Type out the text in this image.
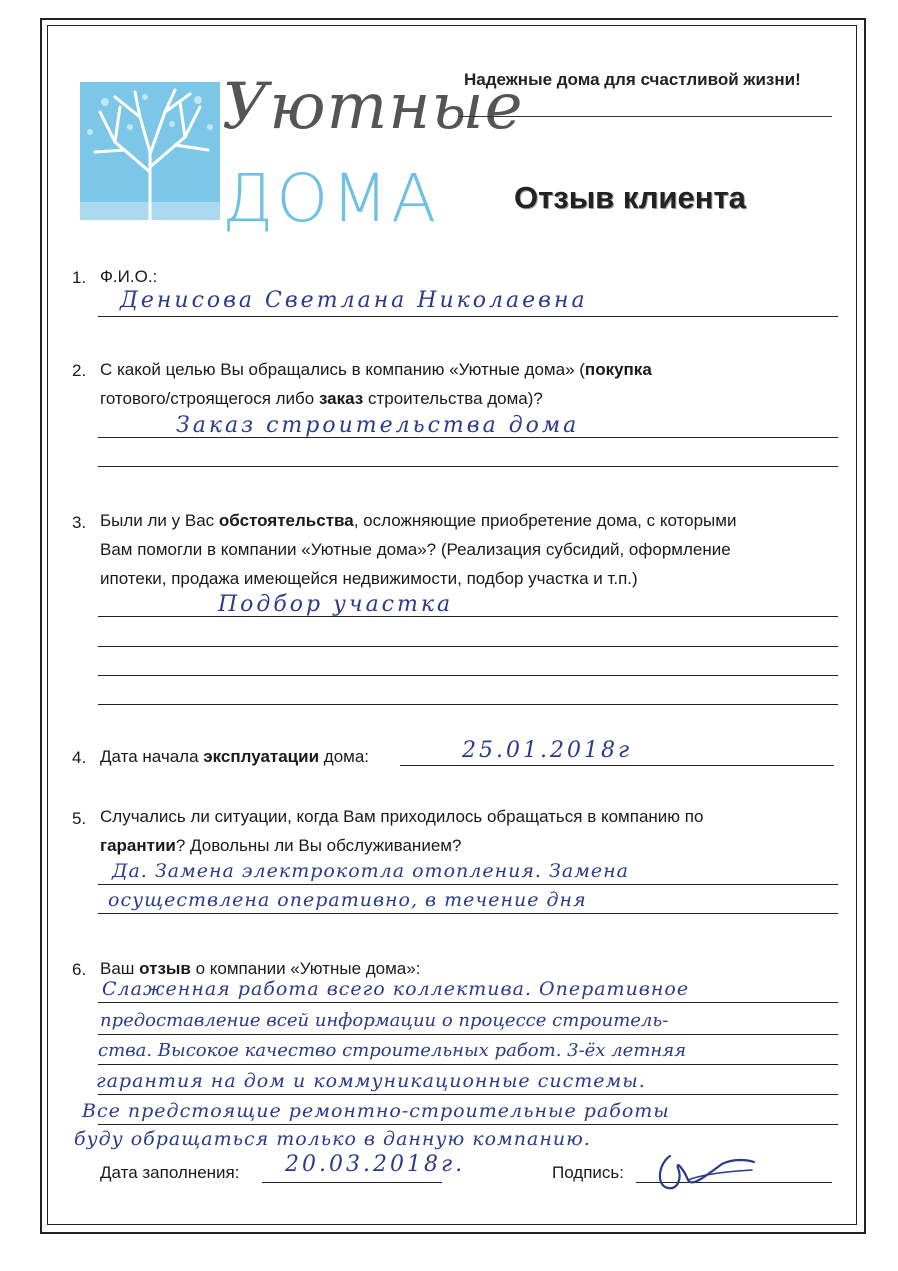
Уютные
ДОМА
Надежные дома для счастливой жизни!
Отзыв клиента
1. Ф.И.О.:
Денисова Светлана Николаевна
2. С какой целью Вы обращались в компанию «Уютные дома» (покупка
готового/строящегося либо заказ строительства дома)?
Заказ строительства дома
3. Были ли у Вас обстоятельства, осложняющие приобретение дома, с которыми
Вам помогли в компании «Уютные дома»? (Реализация субсидий, оформление
ипотеки, продажа имеющейся недвижимости, подбор участка и т.п.)
Подбор участка
4. Дата начала эксплуатации дома:	25.01.2018г
5. Случались ли ситуации, когда Вам приходилось обращаться в компанию по
гарантии? Довольны ли Вы обслуживанием?
Да. Замена электрокотла отопления. Замена
осуществлена оперативно, в течение дня
6. Ваш отзыв о компании «Уютные дома»:
Слаженная работа всего коллектива. Оперативное
предоставление всей информации о процессе строитель-
ства. Высокое качество строительных работ. 3-ёх летняя
гарантия на дом и коммуникационные системы.
Все предстоящие ремонтно-строительные работы
буду обращаться только в данную компанию.
Дата заполнения: 20.03.2018г.	Подпись:
